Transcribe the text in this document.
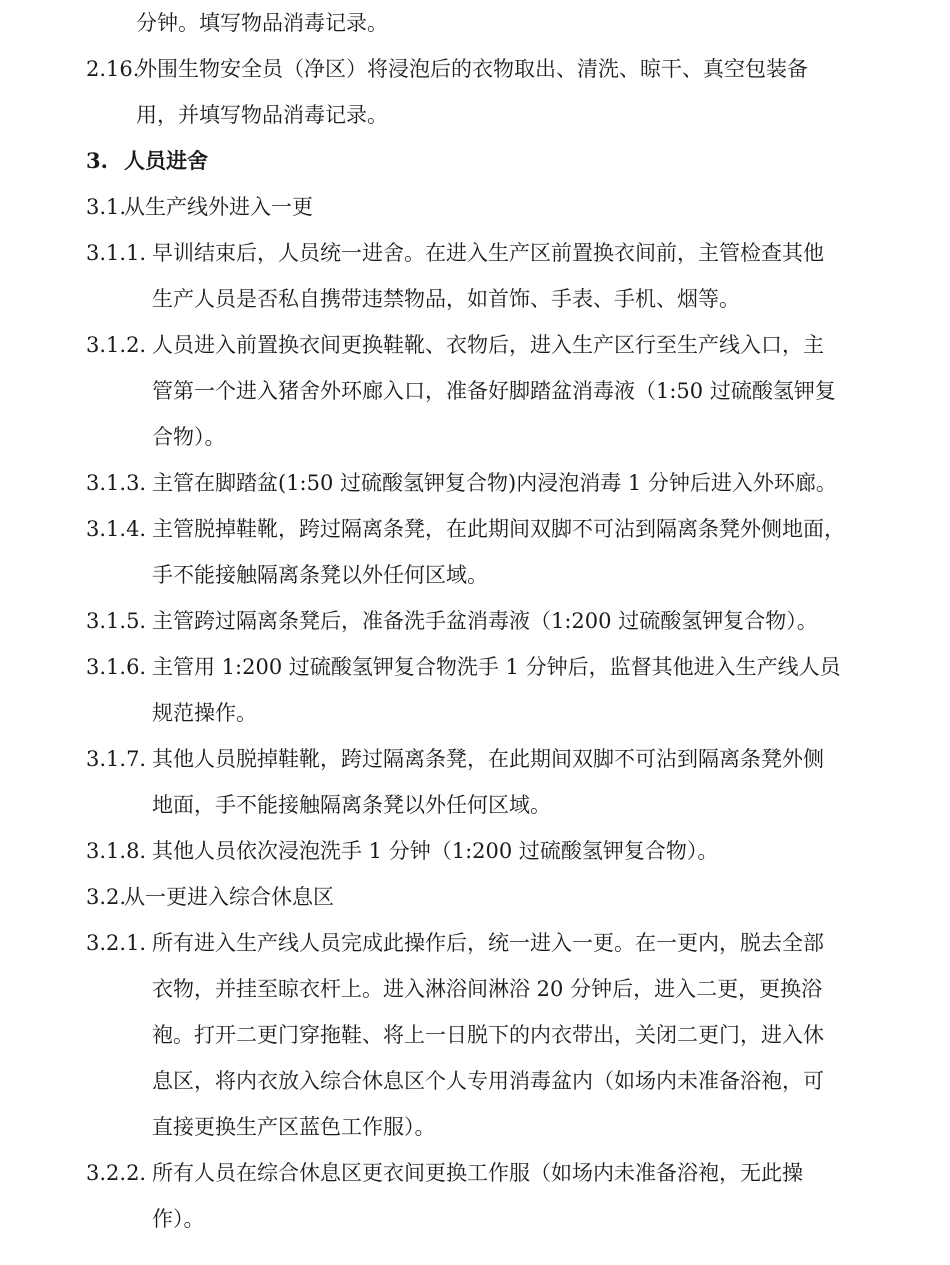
分钟。填写物品消毒记录。
2.16.
外围生物安全员（净区）将浸泡后的衣物取出、清洗、晾干、真空包装备
用，并填写物品消毒记录。
3. 人员进舍
3.1.
从生产线外进入一更
3.1.1. 早训结束后，人员统一进舍。在进入生产区前置换衣间前，主管检查其他
生产人员是否私自携带违禁物品，如首饰、手表、手机、烟等。
3.1.2. 人员进入前置换衣间更换鞋靴、衣物后，进入生产区行至生产线入口，主
管第一个进入猪舍外环廊入口，准备好脚踏盆消毒液（1:50 过硫酸氢钾复
合物）。
3.1.3. 主管在脚踏盆(1:50 过硫酸氢钾复合物)内浸泡消毒 1 分钟后进入外环廊。
3.1.4. 主管脱掉鞋靴，跨过隔离条凳，在此期间双脚不可沾到隔离条凳外侧地面，
手不能接触隔离条凳以外任何区域。
3.1.5. 主管跨过隔离条凳后，准备洗手盆消毒液（1:200 过硫酸氢钾复合物）。
3.1.6. 主管用 1:200 过硫酸氢钾复合物洗手 1 分钟后，监督其他进入生产线人员
规范操作。
3.1.7. 其他人员脱掉鞋靴，跨过隔离条凳，在此期间双脚不可沾到隔离条凳外侧
地面，手不能接触隔离条凳以外任何区域。
3.1.8. 其他人员依次浸泡洗手 1 分钟（1:200 过硫酸氢钾复合物）。
3.2.
从一更进入综合休息区
3.2.1. 所有进入生产线人员完成此操作后，统一进入一更。在一更内，脱去全部
衣物，并挂至晾衣杆上。进入淋浴间淋浴 20 分钟后，进入二更，更换浴
袍。打开二更门穿拖鞋、将上一日脱下的内衣带出，关闭二更门，进入休
息区，将内衣放入综合休息区个人专用消毒盆内（如场内未准备浴袍，可
直接更换生产区蓝色工作服）。
3.2.2. 所有人员在综合休息区更衣间更换工作服（如场内未准备浴袍，无此操
作）。
